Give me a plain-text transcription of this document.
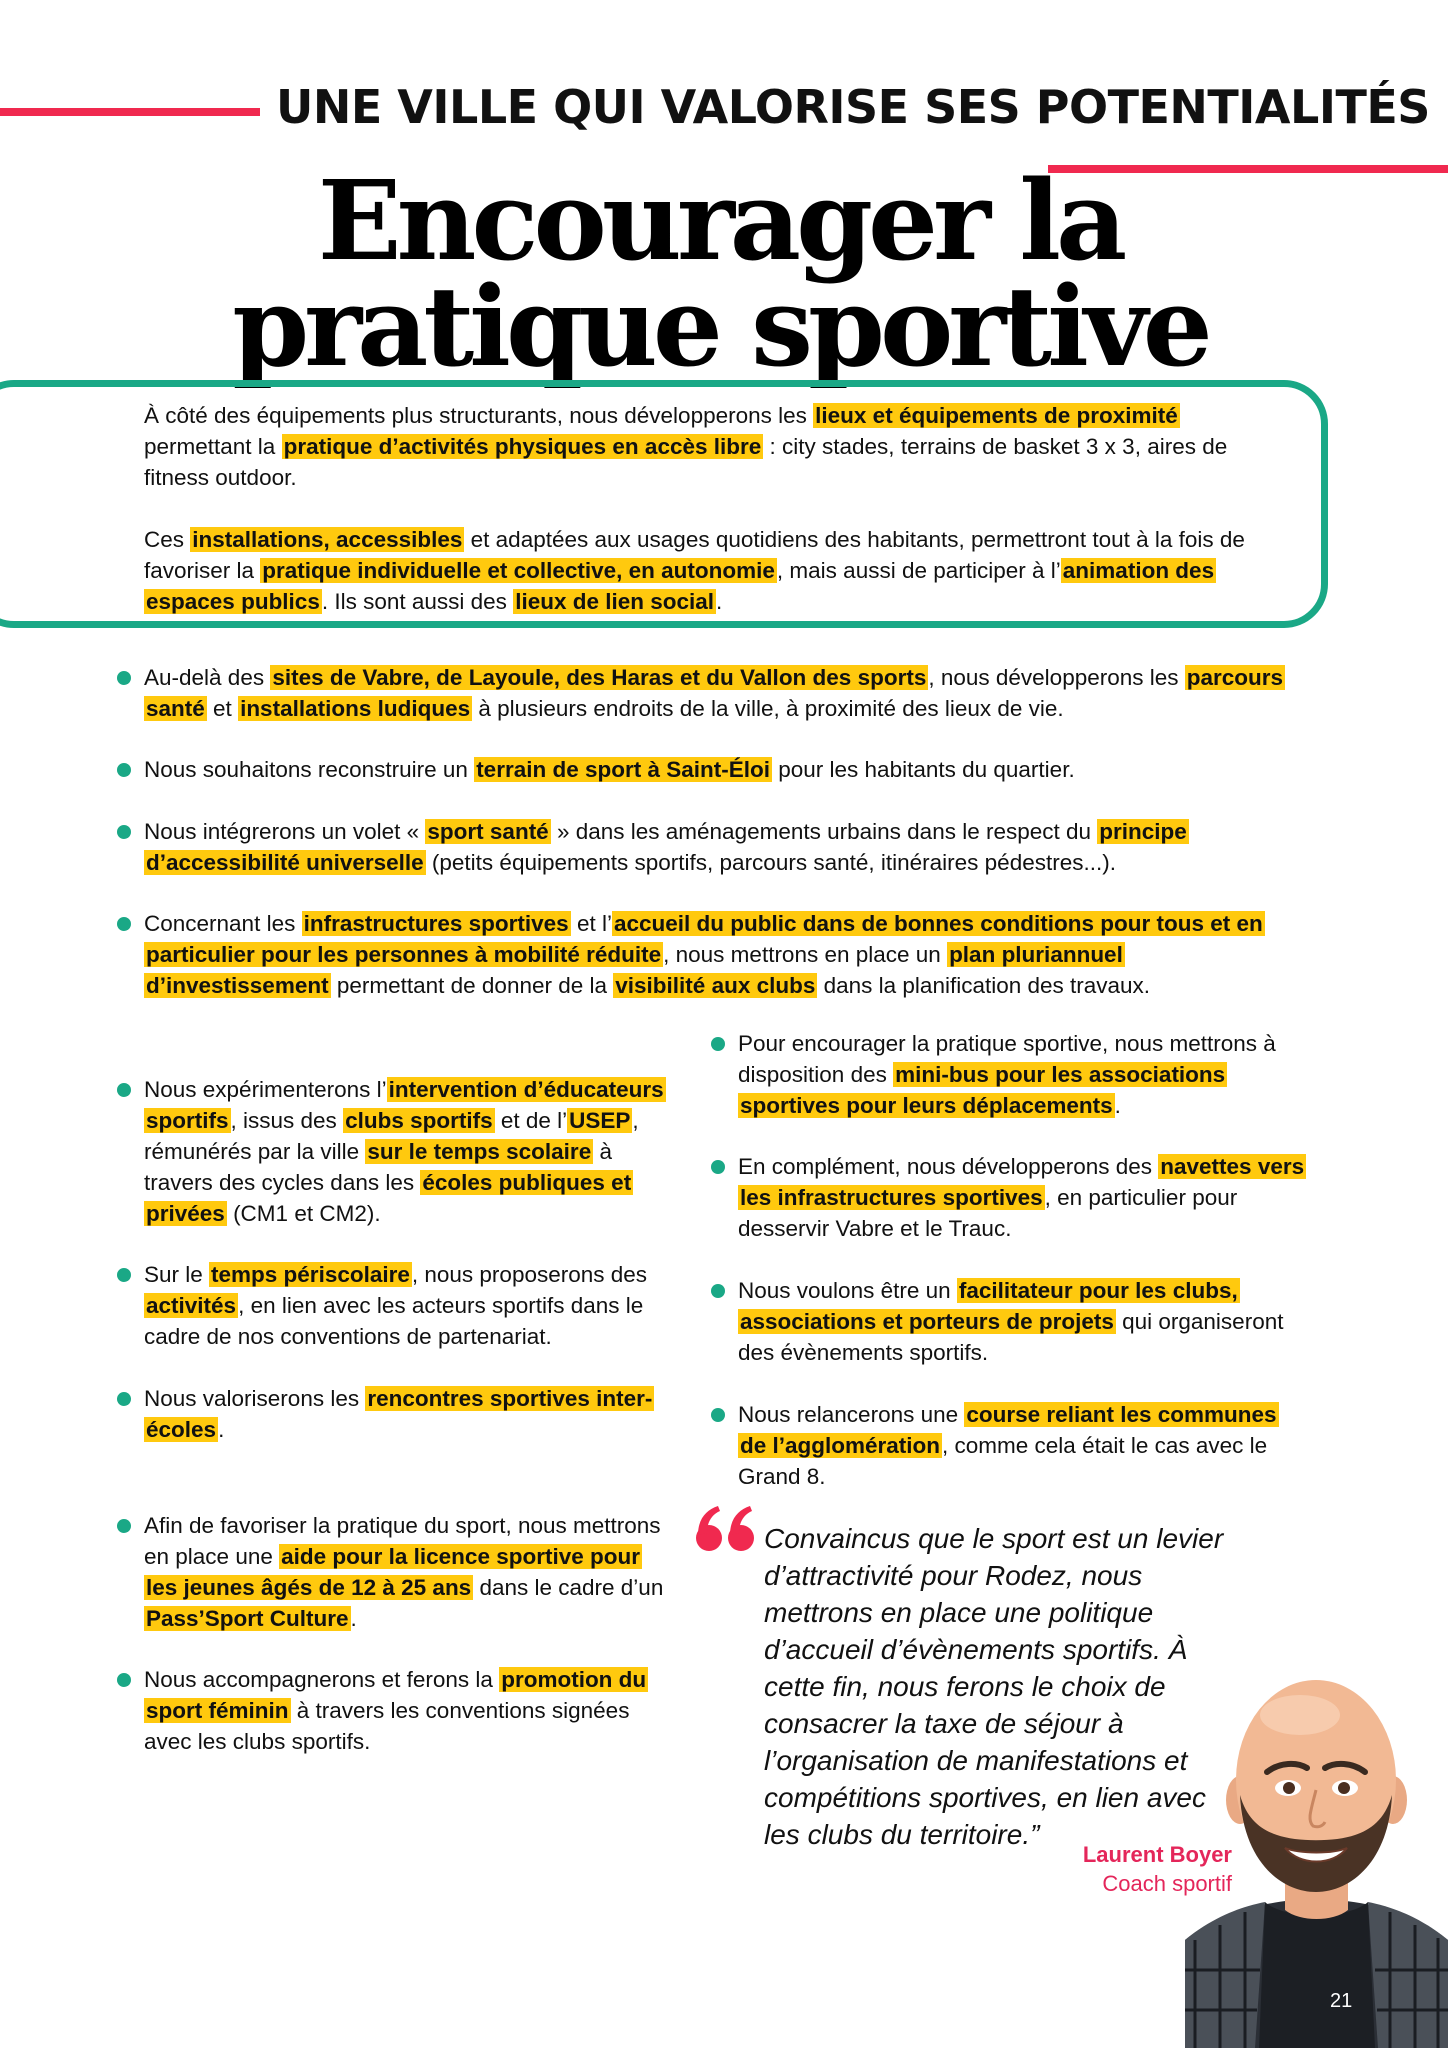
UNE VILLE QUI VALORISE SES POTENTIALITÉS
Encourager la
pratique sportive
À côté des équipements plus structurants, nous développerons les lieux et équipements de proximité permettant la pratique d’activités physiques en accès libre : city stades, terrains de basket 3 x 3, aires de fitness outdoor.
Ces installations, accessibles et adaptées aux usages quotidiens des habitants, permettront tout à la fois de favoriser la pratique individuelle et collective, en autonomie, mais aussi de participer à l’animation des espaces publics. Ils sont aussi des lieux de lien social.
Au-delà des sites de Vabre, de Layoule, des Haras et du Vallon des sports, nous développerons les parcours santé et installations ludiques à plusieurs endroits de la ville, à proximité des lieux de vie.
Nous souhaitons reconstruire un terrain de sport à Saint-Éloi pour les habitants du quartier.
Nous intégrerons un volet « sport santé » dans les aménagements urbains dans le respect du principe d’accessibilité universelle (petits équipements sportifs, parcours santé, itinéraires pédestres...).
Concernant les infrastructures sportives et l’accueil du public dans de bonnes conditions pour tous et en particulier pour les personnes à mobilité réduite, nous mettrons en place un plan pluriannuel d’investissement permettant de donner de la visibilité aux clubs dans la planification des travaux.
Nous expérimenterons l’intervention d’éducateurs sportifs, issus des clubs sportifs et de l’USEP, rémunérés par la ville sur le temps scolaire à travers des cycles dans les écoles publiques et privées (CM1 et CM2).
Sur le temps périscolaire, nous proposerons des activités, en lien avec les acteurs sportifs dans le cadre de nos conventions de partenariat.
Nous valoriserons les rencontres sportives inter-écoles.
Afin de favoriser la pratique du sport, nous mettrons en place une aide pour la licence sportive pour les jeunes âgés de 12 à 25 ans dans le cadre d’un Pass’Sport Culture.
Nous accompagnerons et ferons la promotion du sport féminin à travers les conventions signées avec les clubs sportifs.
Pour encourager la pratique sportive, nous mettrons à disposition des mini-bus pour les associations sportives pour leurs déplacements.
En complément, nous développerons des navettes vers les infrastructures sportives, en particulier pour desservir Vabre et le Trauc.
Nous voulons être un facilitateur pour les clubs, associations et porteurs de projets qui organiseront des évènements sportifs.
Nous relancerons une course reliant les communes de l’agglomération, comme cela était le cas avec le Grand 8.
Convaincus que le sport est un levier d’attractivité pour Rodez, nous mettrons en place une politique d’accueil d’évènements sportifs. À cette fin, nous ferons le choix de consacrer la taxe de séjour à l’organisation de manifestations et compétitions sportives, en lien avec les clubs du territoire.”
Laurent Boyer
Coach sportif
21
